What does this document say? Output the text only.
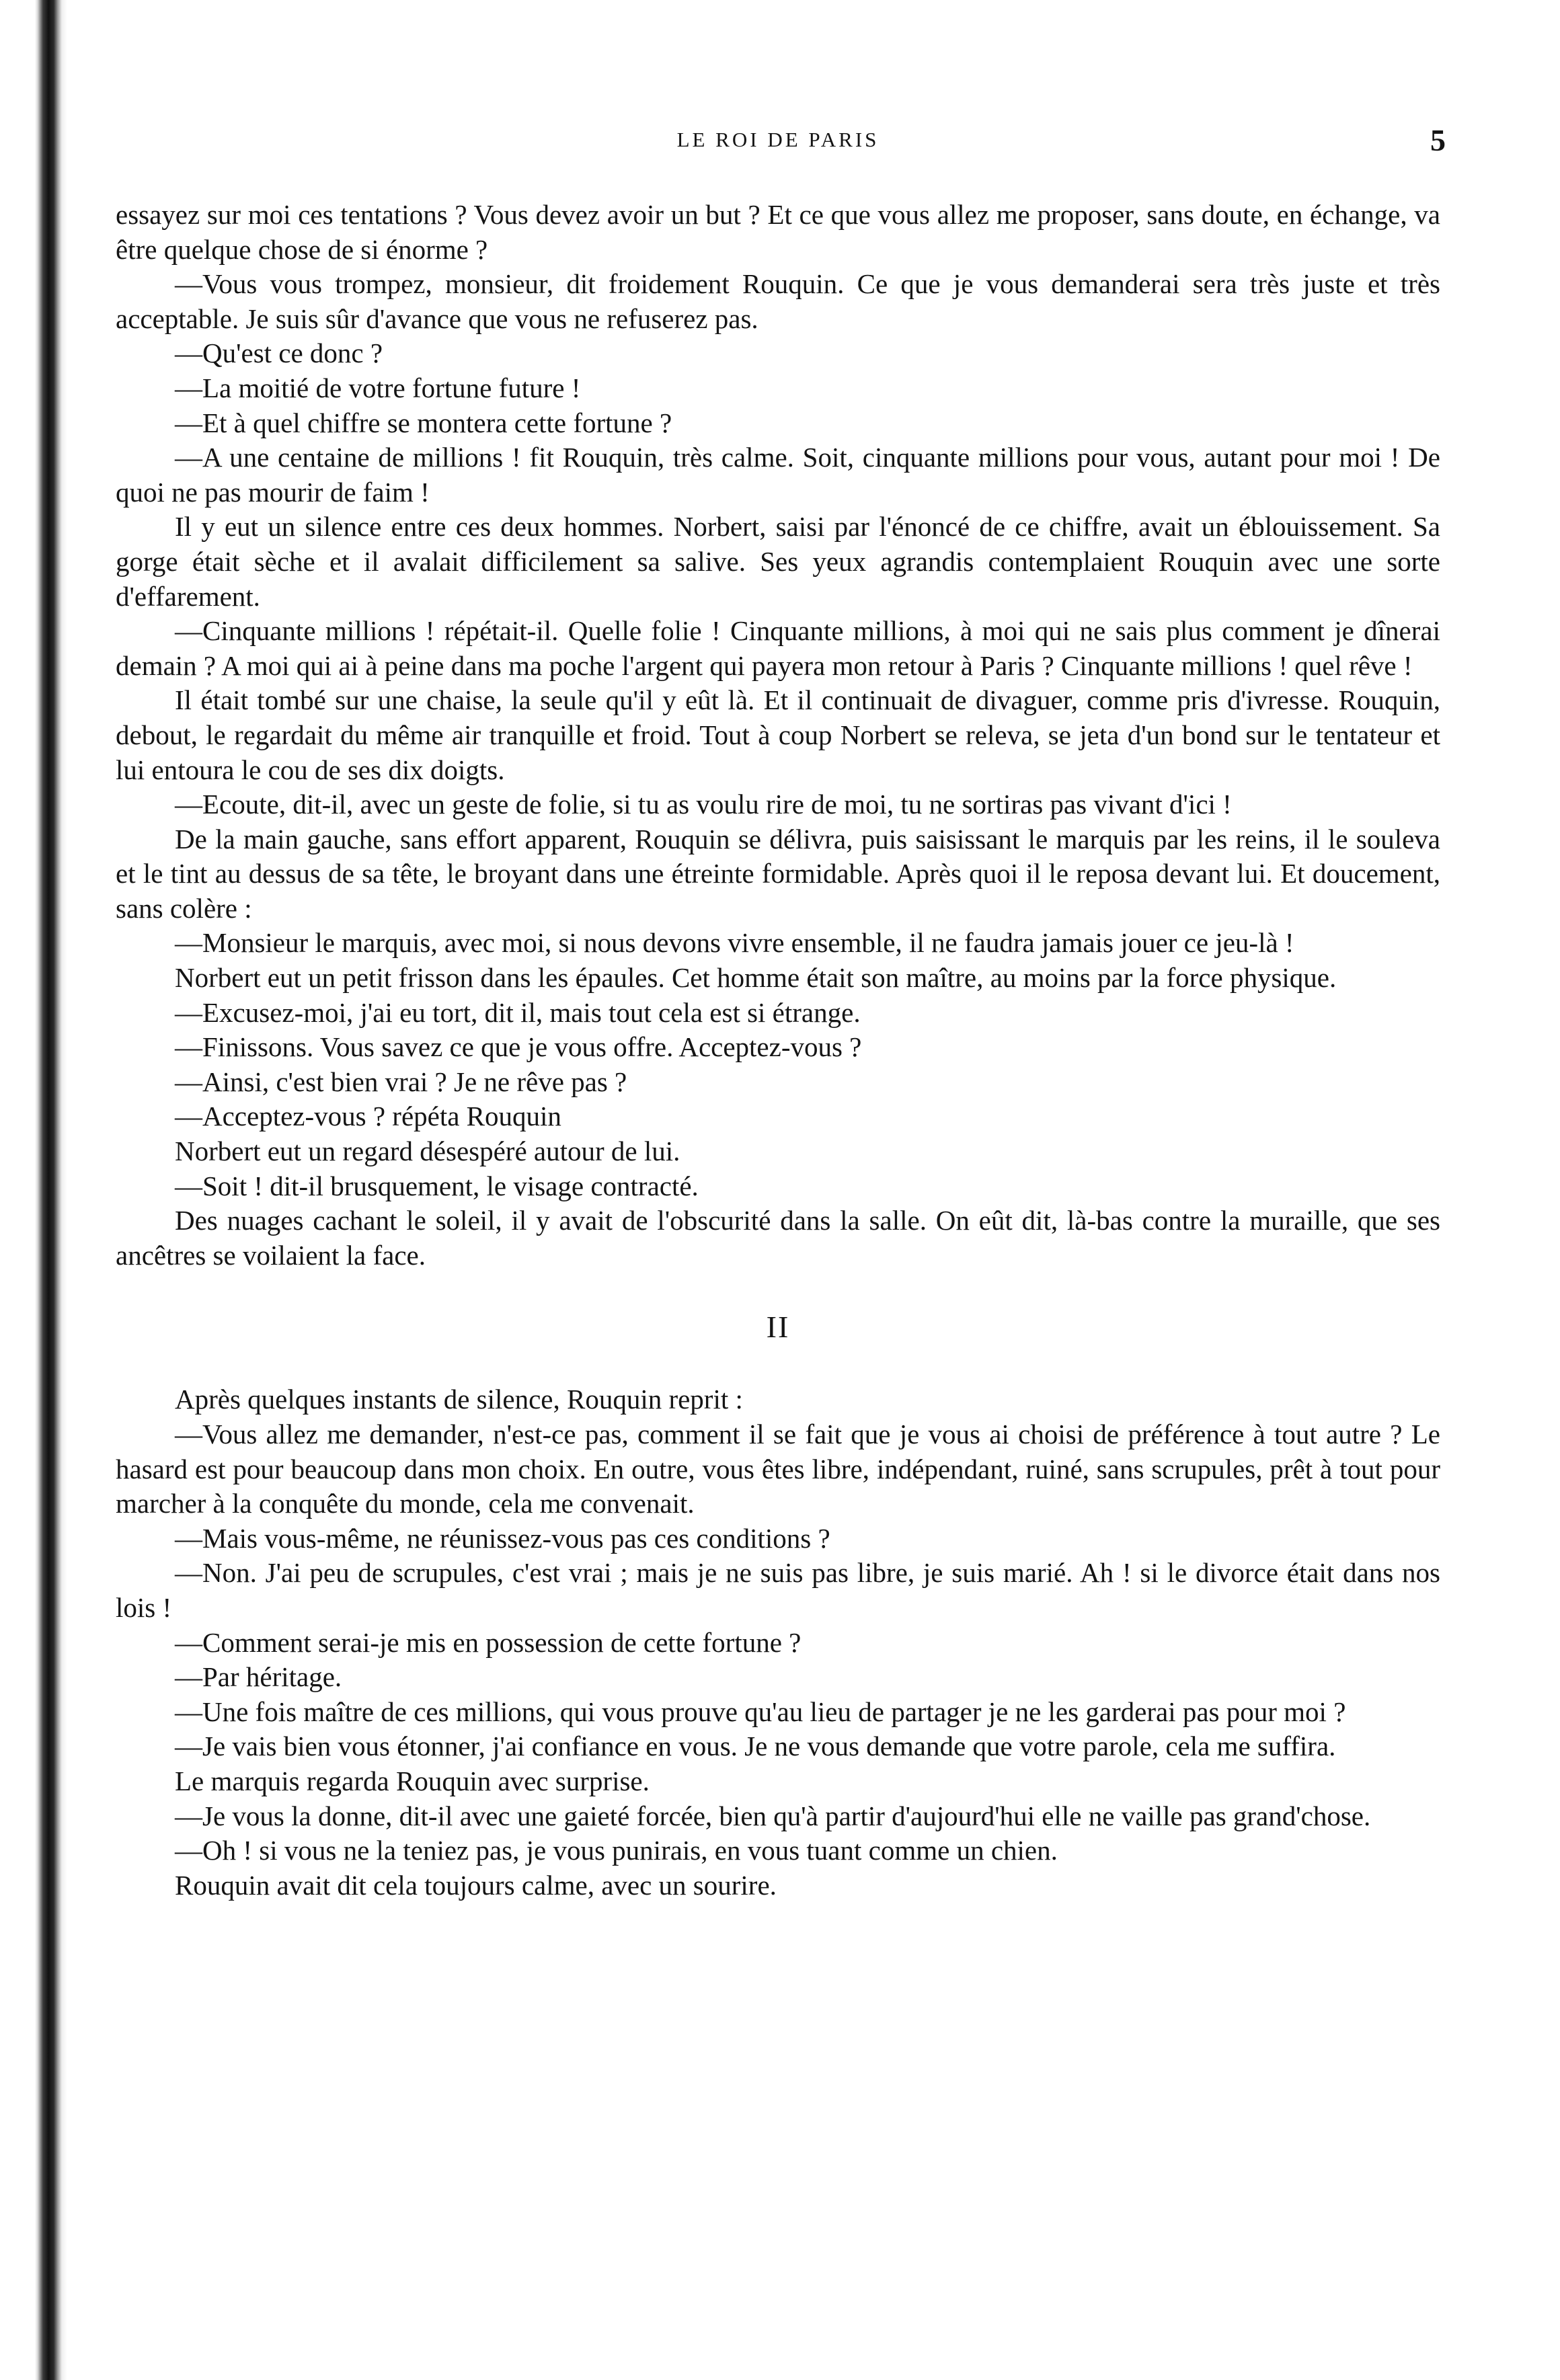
LE ROI DE PARIS	5

essayez sur moi ces tentations ? Vous devez avoir un but ? Et ce que vous allez me proposer, sans doute, en échange, va être quelque chose de si énorme ?

—Vous vous trompez, monsieur, dit froidement Rouquin. Ce que je vous demanderai sera très juste et très acceptable. Je suis sûr d'avance que vous ne refuserez pas.

—Qu'est ce donc ?

—La moitié de votre fortune future !

—Et à quel chiffre se montera cette fortune ?

—A une centaine de millions ! fit Rouquin, très calme. Soit, cinquante millions pour vous, autant pour moi ! De quoi ne pas mourir de faim !

Il y eut un silence entre ces deux hommes. Norbert, saisi par l'énoncé de ce chiffre, avait un éblouissement. Sa gorge était sèche et il avalait difficilement sa salive. Ses yeux agrandis contemplaient Rouquin avec une sorte d'effarement.

—Cinquante millions ! répétait-il. Quelle folie ! Cinquante millions, à moi qui ne sais plus comment je dînerai demain ? A moi qui ai à peine dans ma poche l'argent qui payera mon retour à Paris ? Cinquante millions ! quel rêve !

Il était tombé sur une chaise, la seule qu'il y eût là. Et il continuait de divaguer, comme pris d'ivresse. Rouquin, debout, le regardait du même air tranquille et froid. Tout à coup Norbert se releva, se jeta d'un bond sur le tentateur et lui entoura le cou de ses dix doigts.

—Ecoute, dit-il, avec un geste de folie, si tu as voulu rire de moi, tu ne sortiras pas vivant d'ici !

De la main gauche, sans effort apparent, Rouquin se délivra, puis saisissant le marquis par les reins, il le souleva et le tint au dessus de sa tête, le broyant dans une étreinte formidable. Après quoi il le reposa devant lui. Et doucement, sans colère :

—Monsieur le marquis, avec moi, si nous devons vivre ensemble, il ne faudra jamais jouer ce jeu-là !

Norbert eut un petit frisson dans les épaules. Cet homme était son maître, au moins par la force physique.

—Excusez-moi, j'ai eu tort, dit il, mais tout cela est si étrange.

—Finissons. Vous savez ce que je vous offre. Acceptez-vous ?

—Ainsi, c'est bien vrai ? Je ne rêve pas ?

—Acceptez-vous ? répéta Rouquin

Norbert eut un regard désespéré autour de lui.

—Soit ! dit-il brusquement, le visage contracté.

Des nuages cachant le soleil, il y avait de l'obscurité dans la salle. On eût dit, là-bas contre la muraille, que ses ancêtres se voilaient la face.

II

Après quelques instants de silence, Rouquin reprit :

—Vous allez me demander, n'est-ce pas, comment il se fait que je vous ai choisi de préférence à tout autre ? Le hasard est pour beaucoup dans mon choix. En outre, vous êtes libre, indépendant, ruiné, sans scrupules, prêt à tout pour marcher à la conquête du monde, cela me convenait.

—Mais vous-même, ne réunissez-vous pas ces conditions ?

—Non. J'ai peu de scrupules, c'est vrai ; mais je ne suis pas libre, je suis marié. Ah ! si le divorce était dans nos lois !

—Comment serai-je mis en possession de cette fortune ?

—Par héritage.

—Une fois maître de ces millions, qui vous prouve qu'au lieu de partager je ne les garderai pas pour moi ?

—Je vais bien vous étonner, j'ai confiance en vous. Je ne vous demande que votre parole, cela me suffira.

Le marquis regarda Rouquin avec surprise.

—Je vous la donne, dit-il avec une gaieté forcée, bien qu'à partir d'aujourd'hui elle ne vaille pas grand'chose.

—Oh ! si vous ne la teniez pas, je vous punirais, en vous tuant comme un chien.

Rouquin avait dit cela toujours calme, avec un sourire.
